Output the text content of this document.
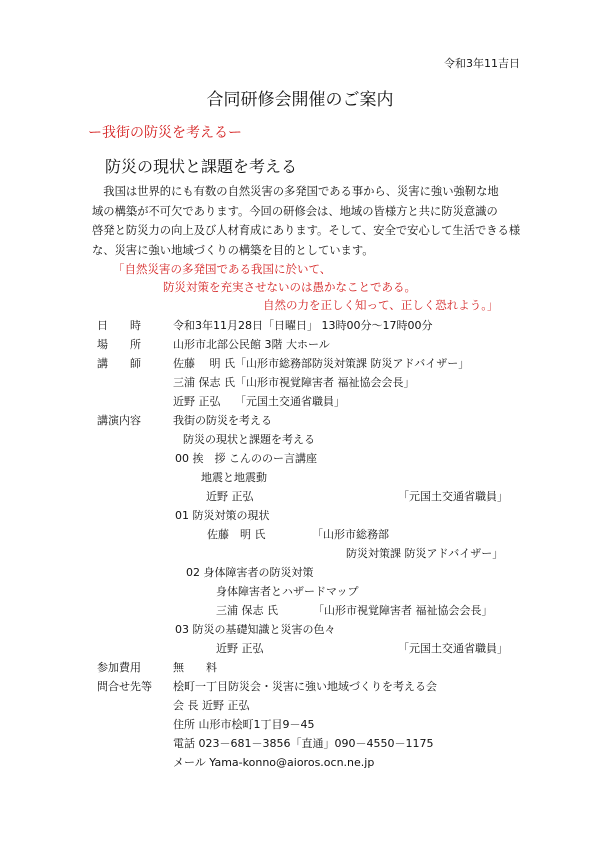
令和3年11吉日
合同研修会開催のご案内
ー我街の防災を考えるー
防災の現状と課題を考える
　我国は世界的にも有数の自然災害の多発国である事から、災害に強い強靭な地
域の構築が不可欠であります。今回の研修会は、地域の皆様方と共に防災意識の
啓発と防災力の向上及び人材育成にあります。そして、安全で安心して生活できる様
な、災害に強い地域づくりの構築を目的としています。
「自然災害の多発国である我国に於いて、
防災対策を充実させないのは愚かなことである。
自然の力を正しく知って、正しく恐れよう。」
日　　時	令和3年11月28日「日曜日」 13時00分～17時00分
場　　所	山形市北部公民館 3階 大ホール
講　　師	佐藤　 明 氏「山形市総務部防災対策課 防災アドバイザー」
三浦 保志 氏「山形市視覚障害者 福祉協会会長」
近野 正弘　 「元国土交通省職員」
講演内容	我街の防災を考える
防災の現状と課題を考える
00 挨　拶 こんののー言講座
地震と地震動
近野 正弘	「元国土交通省職員」
01 防災対策の現状
佐藤　明 氏	「山形市総務部
防災対策課 防災アドバイザー」
02 身体障害者の防災対策
身体障害者とハザードマップ
三浦 保志 氏	「山形市視覚障害者 福祉協会会長」
03 防災の基礎知識と災害の色々
近野 正弘	「元国土交通省職員」
参加費用	無　　料
問合せ先等 桧町一丁目防災会・災害に強い地域づくりを考える会
会 長 近野 正弘
住所 山形市桧町1丁目9－45
電話 023－681－3856「直通」090－4550－1175
メール Yama-konno@aioros.ocn.ne.jp
